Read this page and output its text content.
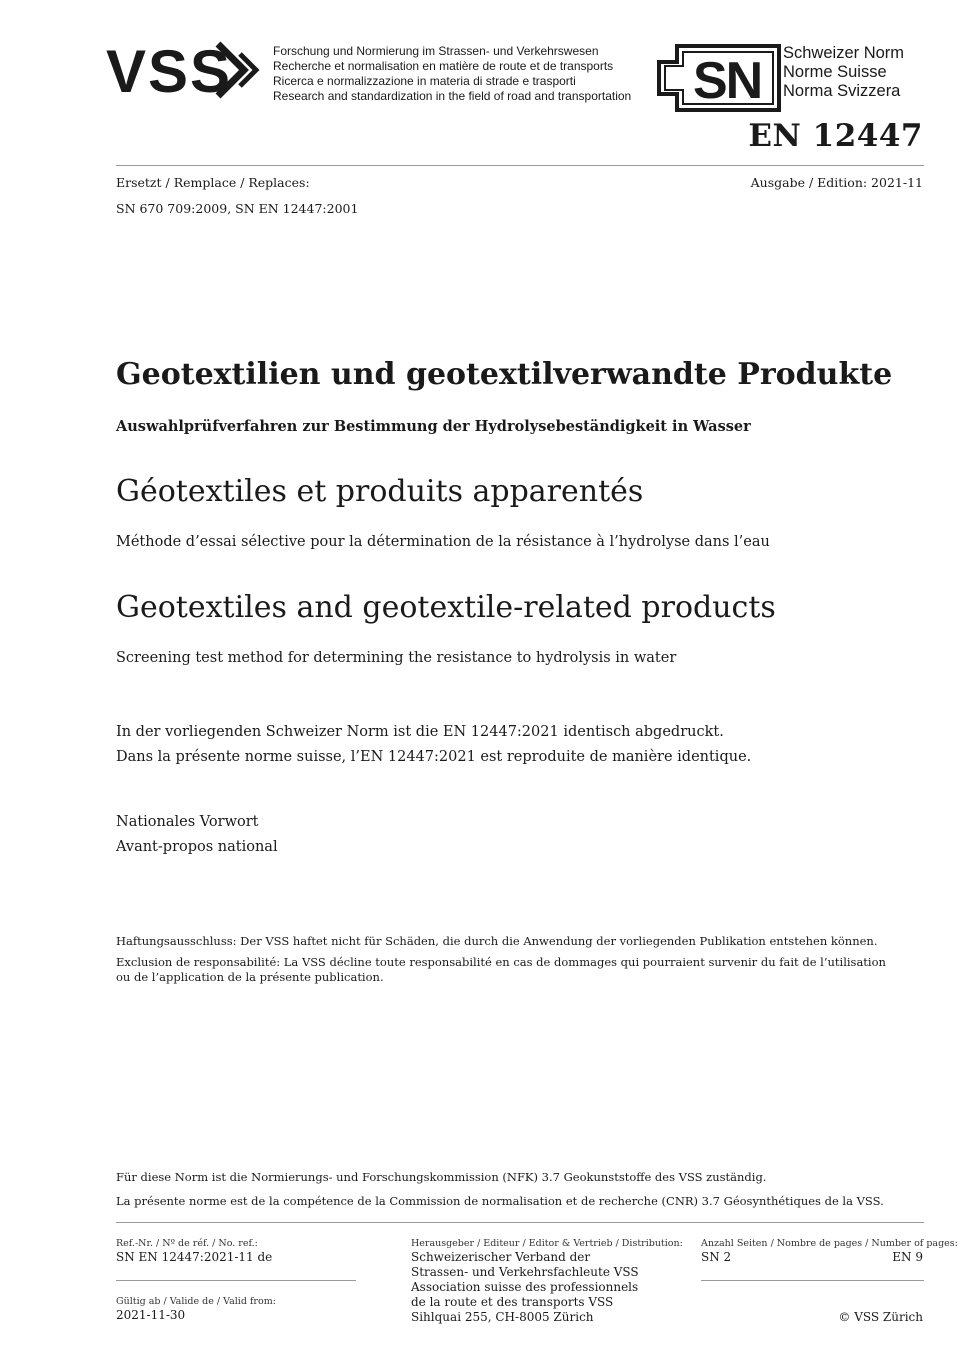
VSS	Forschung und Normierung im Strassen- und Verkehrswesen
Recherche et normalisation en matière de route et de transports
Ricerca e normalizzazione in materia di strade e trasporti
Research and standardization in the field of road and transportation SN Schweizer Norm
Norme Suisse
Norma Svizzera
EN 12447
Ersetzt / Remplace / Replaces:	Ausgabe / Edition: 2021-11
SN 670 709:2009, SN EN 12447:2001
Geotextilien und geotextilverwandte Produkte
Auswahlprüfverfahren zur Bestimmung der Hydrolysebeständigkeit in Wasser
Géotextiles et produits apparentés
Méthode d’essai sélective pour la détermination de la résistance à l’hydrolyse dans l’eau
Geotextiles and geotextile-related products
Screening test method for determining the resistance to hydrolysis in water
In der vorliegenden Schweizer Norm ist die EN 12447:2021 identisch abgedruckt.
Dans la présente norme suisse, l’EN 12447:2021 est reproduite de manière identique.
Nationales Vorwort
Avant-propos national
Haftungsausschluss: Der VSS haftet nicht für Schäden, die durch die Anwendung der vorliegenden Publikation entstehen können.
Exclusion de responsabilité: La VSS décline toute responsabilité en cas de dommages qui pourraient survenir du fait de l’utilisation
ou de l’application de la présente publication.
Für diese Norm ist die Normierungs- und Forschungskommission (NFK) 3.7 Geokunststoffe des VSS zuständig.
La présente norme est de la compétence de la Commission de normalisation et de recherche (CNR) 3.7 Géosynthétiques de la VSS.
Ref.-Nr. / Nº de réf. / No. ref.:
SN EN 12447:2021-11 de
Gültig ab / Valide de / Valid from:
2021-11-30
Herausgeber / Editeur / Editor & Vertrieb / Distribution:
Schweizerischer Verband der
Strassen- und Verkehrsfachleute VSS
Association suisse des professionnels
de la route et des transports VSS
Sihlquai 255, CH-8005 Zürich
Anzahl Seiten / Nombre de pages / Number of pages:
SN 2	EN 9
© VSS Zürich
